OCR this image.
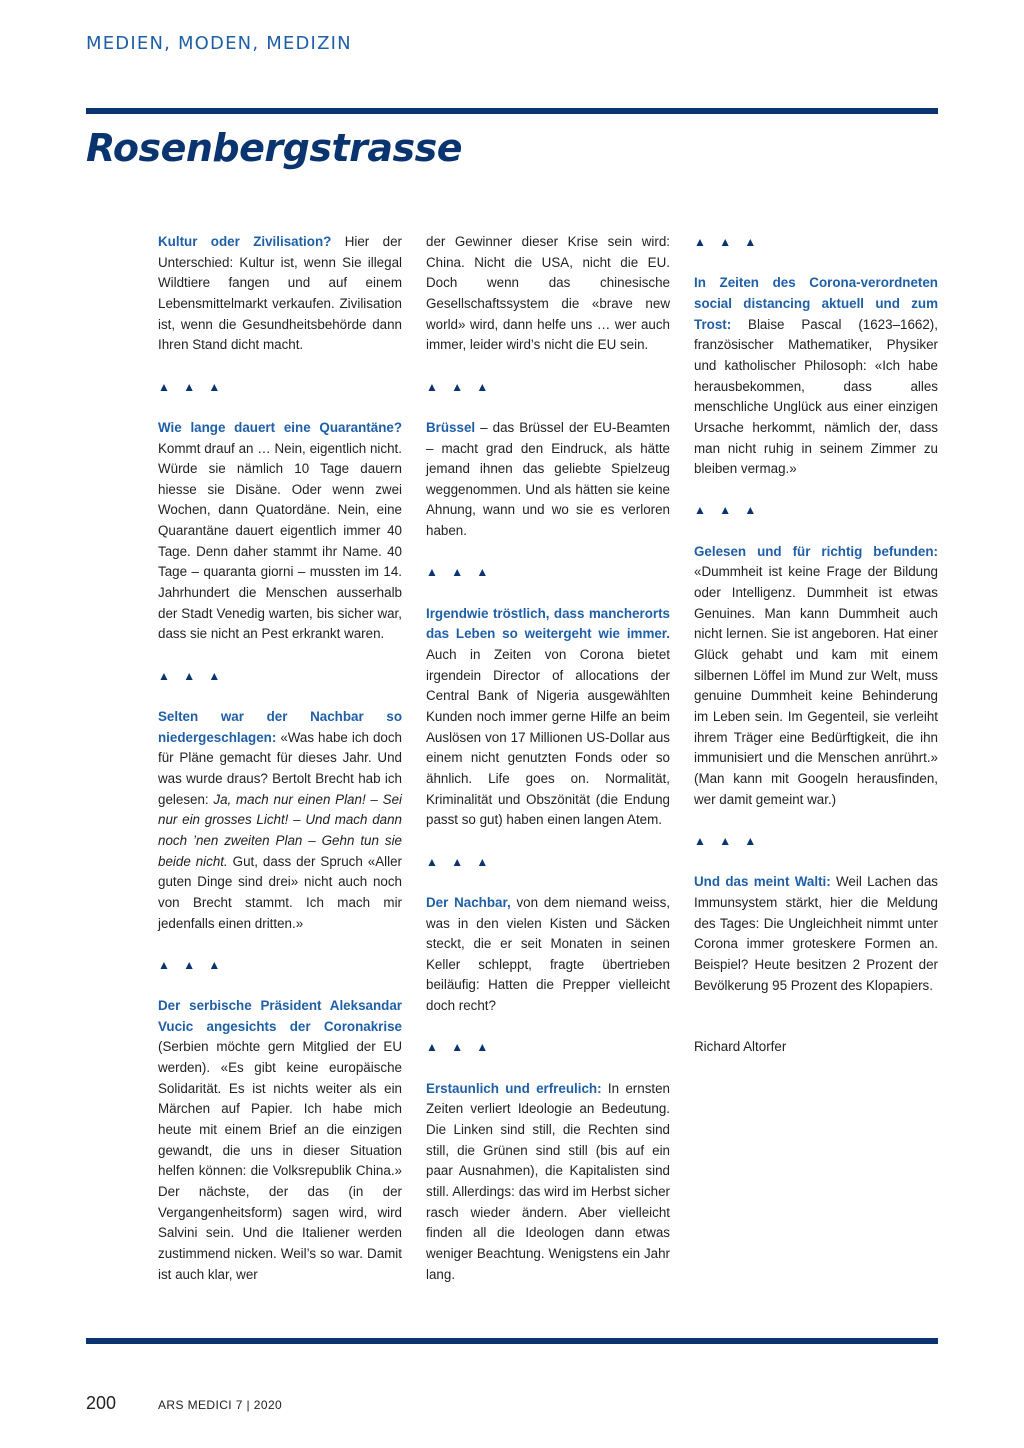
MEDIEN, MODEN, MEDIZIN
Rosenbergstrasse

Kultur oder Zivilisation? Hier der Unterschied: Kultur ist, wenn Sie illegal Wildtiere fangen und auf einem Lebensmittelmarkt verkaufen. Zivilisation ist, wenn die Gesundheitsbehörde dann Ihren Stand dicht macht.

▲ ▲ ▲

Wie lange dauert eine Quarantäne? Kommt drauf an … Nein, eigentlich nicht. Würde sie nämlich 10 Tage dauern hiesse sie Disäne. Oder wenn zwei Wochen, dann Quatordäne. Nein, eine Quarantäne dauert eigentlich immer 40 Tage. Denn daher stammt ihr Name. 40 Tage – quaranta giorni – mussten im 14. Jahrhundert die Menschen ausserhalb der Stadt Venedig warten, bis sicher war, dass sie nicht an Pest erkrankt waren.

▲ ▲ ▲

Selten war der Nachbar so niedergeschlagen: «Was habe ich doch für Pläne gemacht für dieses Jahr. Und was wurde draus? Bertolt Brecht hab ich gelesen: Ja, mach nur einen Plan! – Sei nur ein grosses Licht! – Und mach dann noch ’nen zweiten Plan – Gehn tun sie beide nicht. Gut, dass der Spruch «Aller guten Dinge sind drei» nicht auch noch von Brecht stammt. Ich mach mir jedenfalls einen dritten.»

▲ ▲ ▲

Der serbische Präsident Aleksandar Vucic angesichts der Coronakrise (Serbien möchte gern Mitglied der EU werden). «Es gibt keine europäische Solidarität. Es ist nichts weiter als ein Märchen auf Papier. Ich habe mich heute mit einem Brief an die einzigen gewandt, die uns in dieser Situation helfen können: die Volksrepublik China.» Der nächste, der das (in der Vergangenheitsform) sagen wird, wird Salvini sein. Und die Italiener werden zustimmend nicken. Weil’s so war. Damit ist auch klar, wer

der Gewinner dieser Krise sein wird: China. Nicht die USA, nicht die EU. Doch wenn das chinesische Gesellschaftssystem die «brave new world» wird, dann helfe uns … wer auch immer, leider wird’s nicht die EU sein.

▲ ▲ ▲

Brüssel – das Brüssel der EU-Beamten – macht grad den Eindruck, als hätte jemand ihnen das geliebte Spielzeug weggenommen. Und als hätten sie keine Ahnung, wann und wo sie es verloren haben.

▲ ▲ ▲

Irgendwie tröstlich, dass mancherorts das Leben so weitergeht wie immer. Auch in Zeiten von Corona bietet irgendein Director of allocations der Central Bank of Nigeria ausgewählten Kunden noch immer gerne Hilfe an beim Auslösen von 17 Millionen US-Dollar aus einem nicht genutzten Fonds oder so ähnlich. Life goes on. Normalität, Kriminalität und Obszönität (die Endung passt so gut) haben einen langen Atem.

▲ ▲ ▲

Der Nachbar, von dem niemand weiss, was in den vielen Kisten und Säcken steckt, die er seit Monaten in seinen Keller schleppt, fragte übertrieben beiläufig: Hatten die Prepper vielleicht doch recht?

▲ ▲ ▲

Erstaunlich und erfreulich: In ernsten Zeiten verliert Ideologie an Bedeutung. Die Linken sind still, die Rechten sind still, die Grünen sind still (bis auf ein paar Ausnahmen), die Kapitalisten sind still. Allerdings: das wird im Herbst sicher rasch wieder ändern. Aber vielleicht finden all die Ideologen dann etwas weniger Beachtung. Wenigstens ein Jahr lang.

▲ ▲ ▲

In Zeiten des Corona-verordneten social distancing aktuell und zum Trost: Blaise Pascal (1623–1662), französischer Mathematiker, Physiker und katholischer Philosoph: «Ich habe herausbekommen, dass alles menschliche Unglück aus einer einzigen Ursache herkommt, nämlich der, dass man nicht ruhig in seinem Zimmer zu bleiben vermag.»

▲ ▲ ▲

Gelesen und für richtig befunden: «Dummheit ist keine Frage der Bildung oder Intelligenz. Dummheit ist etwas Genuines. Man kann Dummheit auch nicht lernen. Sie ist angeboren. Hat einer Glück gehabt und kam mit einem silbernen Löffel im Mund zur Welt, muss genuine Dummheit keine Behinderung im Leben sein. Im Gegenteil, sie verleiht ihrem Träger eine Bedürftigkeit, die ihn immunisiert und die Menschen anrührt.» (Man kann mit Googeln herausfinden, wer damit gemeint war.)

▲ ▲ ▲

Und das meint Walti: Weil Lachen das Immunsystem stärkt, hier die Meldung des Tages: Die Ungleichheit nimmt unter Corona immer groteskere Formen an. Beispiel? Heute besitzen 2 Prozent der Bevölkerung 95 Prozent des Klopapiers.

Richard Altorfer

200	ARS MEDICI 7 | 2020
